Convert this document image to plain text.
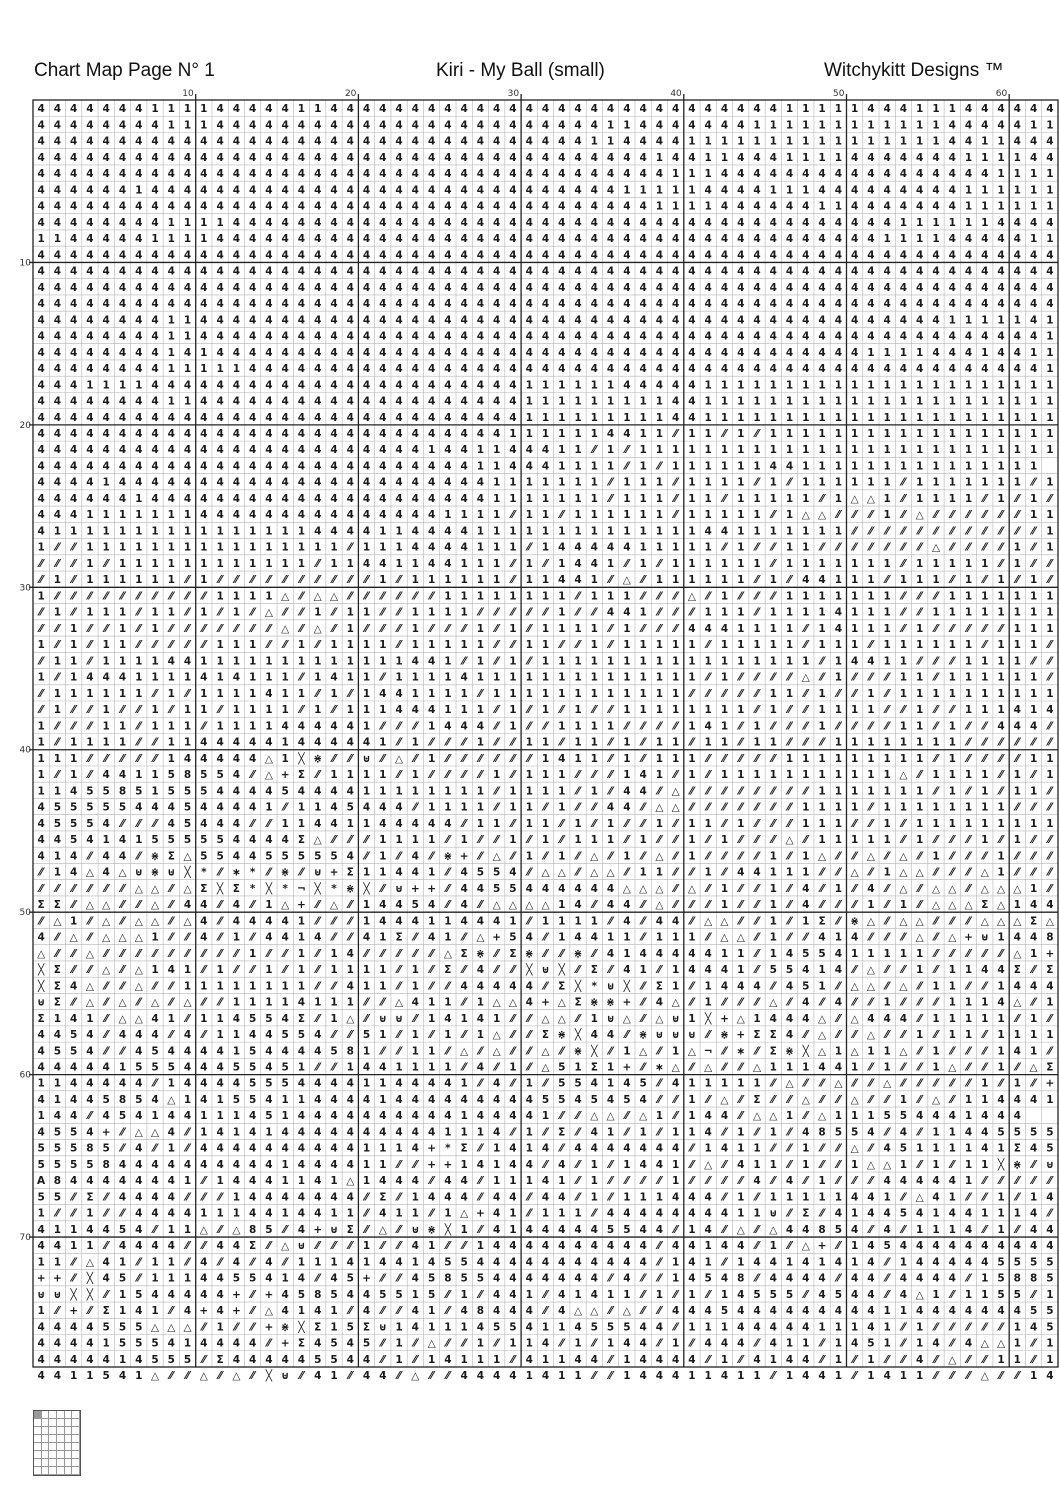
Chart Map Page N° 1	Kiri - My Ball (small)	Witchykitt Designs ™
4 4 4 4 4 4 4 1 1 1 1 4 4 4 4 4 1 1 4 4 4 4 4 4 4 4 4 4 4 4 4 4 4 4 4 4 4 4 4 4 4 4 4 4 4 4 1 1 1 1 1 4 4 4 1 1 1 4 4 4 4 4 4
4 4 4 4 4 4 4 4 1 1 1 4 4 4 4 4 4 4 4 4 4 4 4 4 4 4 4 4 4 4 4 4 4 4 4 1 1 4 4 4 4 4 4 4 1 1 1 1 1 1 1 1 1 1 1 1 4 4 4 4 4 1 1
4 4 4 4 4 4 4 4 4 4 4 4 4 4 4 4 4 4 4 4 4 4 4 4 4 4 4 4 4 4 4 4 4 4 1 1 4 4 4 4 1 1 1 1 1 1 1 1 1 1 1 1 1 1 1 1 4 4 1 1 4 4 4
4 4 4 4 4 4 4 4 4 4 4 4 4 4 4 4 4 4 4 4 4 4 4 4 4 4 4 4 4 4 4 4 4 4 4 4 4 4 1 4 4 1 1 4 4 4 1 1 1 1 4 4 4 4 4 4 4 1 1 1 1 4 4
4 4 4 4 4 4 4 4 4 4 4 4 4 4 4 4 4 4 4 4 4 4 4 4 4 4 4 4 4 4 4 4 4 4 4 4 4 4 4 1 1 1 4 4 4 4 4 4 4 4 4 4 4 4 4 4 4 4 4 1 1 1 1
4 4 4 4 4 4 1 4 4 4 4 4 4 4 4 4 4 4 4 4 4 4 4 4 4 4 4 4 4 4 4 4 4 4 4 4 1 1 1 1 1 4 4 4 4 1 1 1 4 4 4 4 4 4 4 4 4 1 1 1 1 1 1
4 4 4 4 4 4 4 4 4 4 4 4 4 4 4 4 4 4 4 4 4 4 4 4 4 4 4 4 4 4 4 4 4 4 4 4 4 4 1 1 1 1 4 4 4 4 4 4 1 1 4 4 4 4 4 4 4 1 1 1 1 1 1
4 4 4 4 4 4 4 4 1 1 1 1 4 4 4 4 4 4 4 4 4 4 4 4 4 4 4 4 4 4 4 4 4 4 4 4 4 4 4 4 4 4 4 4 4 4 4 4 4 4 4 4 4 1 1 1 1 1 1 4 4 4 4
1 1 4 4 4 4 4 1 1 1 1 4 4 4 4 4 4 4 4 4 4 4 4 4 4 4 4 4 4 4 4 4 4 4 4 4 4 4 4 4 4 4 4 4 4 4 4 4 4 4 4 4 1 1 1 1 4 4 4 4 4 1 1
4 4 4 4 4 4 4 4 4 4 4 4 4 4 4 4 4 4 4 4 4 4 4 4 4 4 4 4 4 4 4 4 4 4 4 4 4 4 4 4 4 4 4 4 4 4 4 4 4 4 4 4 4 4 4 4 4 4 4 4 4 4 4
4 4 4 4 4 4 4 4 4 4 4 4 4 4 4 4 4 4 4 4 4 4 4 4 4 4 4 4 4 4 4 4 4 4 4 4 4 4 4 4 4 4 4 4 4 4 4 4 4 4 4 4 4 4 4 4 4 4 4 4 4 4 4
4 4 4 4 4 4 4 4 4 4 4 4 4 4 4 4 4 4 4 4 4 4 4 4 4 4 4 4 4 4 4 4 4 4 4 4 4 4 4 4 4 4 4 4 4 4 4 4 4 4 4 4 4 4 4 4 4 4 4 4 4 4 4
4 4 4 4 4 4 4 4 4 4 4 4 4 4 4 4 4 4 4 4 4 4 4 4 4 4 4 4 4 4 4 4 4 4 4 4 4 4 4 4 4 4 4 4 4 4 4 4 4 4 4 4 4 4 4 4 4 4 4 4 4 4 4
4 4 4 4 4 4 4 4 1 1 4 4 4 4 4 4 4 4 4 4 4 4 4 4 4 4 4 4 4 4 4 4 4 4 4 4 4 4 4 4 4 4 4 4 4 4 4 4 4 4 4 4 4 4 4 4 1 1 1 1 1 4 1
4 4 4 4 4 4 4 4 1 1 4 4 4 4 4 4 4 4 4 4 4 4 4 4 4 4 4 4 4 4 4 4 4 4 4 4 4 4 4 4 4 4 4 4 4 4 4 4 4 4 4 4 4 4 4 4 4 4 4 4 4 4 1
4 4 4 4 4 4 4 4 1 4 1 4 4 4 4 4 4 4 4 4 4 4 4 4 4 4 4 4 4 4 4 4 4 4 4 4 4 4 4 4 4 4 4 4 4 4 4 4 4 4 4 1 1 1 1 4 4 4 1 4 4 1 1
4 4 4 4 4 4 4 4 1 1 1 1 1 4 4 4 4 4 4 4 4 4 4 4 4 4 4 4 4 4 4 4 4 4 4 4 4 4 4 4 4 4 4 4 4 4 4 4 4 4 4 4 4 4 4 4 4 4 4 4 4 4 1
4 4 4 1 1 1 1 4 4 4 4 4 4 4 4 4 4 4 4 4 4 4 4 4 4 4 4 4 4 4 1 1 1 1 1 1 4 4 4 4 4 1 1 1 1 1 1 1 1 1 1 1 1 1 1 1 1 1 1 1 1 1 1
4 4 4 4 4 4 4 4 1 1 4 4 4 4 4 4 4 4 4 4 4 4 4 4 4 4 4 4 4 4 1 1 1 1 1 1 1 1 1 4 4 1 1 1 1 1 1 1 1 1 1 1 1 1 1 1 1 1 1 1 1 1 1
4 4 4 4 4 4 4 4 4 4 4 4 4 4 4 4 4 4 4 4 4 4 4 4 4 4 4 4 4 4 1 1 1 1 1 1 1 1 1 4 4 1 1 1 1 1 1 1 1 1 1 1 1 1 1 1 1 1 1 1 1 1 1
4 4 4 4 4 4 4 4 4 4 4 4 4 4 4 4 4 4 4 4 4 4 4 4 4 4 4 4 4 1 1 1 1 1 1 4 4 1 1 ⁄⁄ 1 1 ⁄⁄ 1 ⁄⁄ 1 1 1 1 1 1 1 1 1 1 1 1 1 1 1 1 1 1
4 4 4 4 4 4 4 4 4 4 4 4 4 4 4 4 4 4 4 4 4 4 4 4 1 4 4 1 1 4 4 4 1 1 ⁄⁄ 1 ⁄⁄ 1 1 1 1 1 1 1 1 1 1 1 1 1 1 1 1 1 1 1 1 1 1 1 1 1 1
4 4 4 4 4 4 4 4 4 4 4 4 4 4 4 4 4 4 4 4 4 4 4 4 4 4 4 1 1 4 4 4 1 1 1 1 ⁄⁄ 1 ⁄⁄ 1 1 1 1 1 1 4 4 1 1 1 1 1 1 1 1 1 1 1 1 1 1 1
4 4 4 4 1 4 4 4 4 4 4 4 4 4 4 4 4 4 4 4 4 4 4 4 4 4 4 4 1 1 1 1 1 1 1 ⁄⁄ 1 1 1 ⁄⁄ 1 1 1 1 ⁄⁄ 1 ⁄⁄ 1 1 1 1 1 1 ⁄⁄ 1 1 1 1 1 1 1 ⁄⁄ 1
4 4 4 4 4 4 1 4 4 4 4 4 4 4 4 4 4 4 4 4 4 4 4 4 4 4 4 4 1 1 1 1 1 1 1 ⁄⁄ 1 1 1 ⁄⁄ 1 1 ⁄⁄ 1 1 1 1 1 ⁄⁄ 1 △ △ 1 ⁄⁄ 1 1 1 1 ⁄⁄ 1 ⁄⁄ 1 ⁄⁄
4 4 4 1 1 1 1 1 1 1 4 4 4 4 4 4 4 4 4 4 4 4 4 4 4 1 1 1 1 ⁄⁄ 1 1 ⁄⁄ 1 1 1 1 1 1 ⁄⁄ 1 1 1 1 1 ⁄⁄ 1 △ △ ⁄⁄ ⁄⁄ ⁄⁄ 1 ⁄⁄ △ ⁄⁄ ⁄⁄ ⁄⁄ ⁄⁄ ⁄⁄ ⁄⁄ 1 1
4 1 1 1 1 1 1 1 1 1 1 1 1 1 1 1 1 4 4 4 4 1 1 4 4 4 4 1 1 1 1 1 1 1 1 1 1 1 1 1 1 4 4 1 1 1 1 1 1 1 ⁄⁄ ⁄⁄ ⁄⁄ ⁄⁄ ⁄⁄ ⁄⁄ ⁄⁄ ⁄⁄ ⁄⁄ ⁄⁄ ⁄⁄ ⁄⁄ 1
1 ⁄⁄ ⁄⁄ 1 1 1 1 1 1 1 1 1 1 1 1 1 1 1 1 ⁄⁄ 1 1 1 4 4 4 4 1 1 1 ⁄⁄ 1 4 4 4 4 4 1 1 1 1 1 ⁄⁄ 1 ⁄⁄ ⁄⁄ 1 1 ⁄⁄ ⁄⁄ ⁄⁄ ⁄⁄ ⁄⁄ ⁄⁄ ⁄⁄ △ ⁄⁄ ⁄⁄ ⁄⁄ ⁄⁄ 1 ⁄⁄ 1
⁄⁄ ⁄⁄ ⁄⁄ 1 ⁄⁄ 1 1 1 1 1 1 1 1 1 1 1 1 ⁄⁄ 1 1 4 4 1 1 4 4 1 1 1 ⁄⁄ 1 ⁄⁄ 1 4 4 1 ⁄⁄ 1 ⁄⁄ 1 1 1 1 1 1 ⁄⁄ 1 1 1 1 1 1 1 ⁄⁄ 1 1 1 1 1 ⁄⁄ 1 ⁄⁄ ⁄⁄
⁄⁄ 1 ⁄⁄ 1 1 1 1 1 1 ⁄⁄ 1 ⁄⁄ ⁄⁄ ⁄⁄ ⁄⁄ ⁄⁄ ⁄⁄ ⁄⁄ ⁄⁄ ⁄⁄ ⁄⁄ 1 ⁄⁄ 1 1 1 1 1 1 ⁄⁄ 1 1 4 4 1 ⁄⁄ △ ⁄⁄ 1 1 1 1 1 1 ⁄⁄ 1 ⁄⁄ 4 4 1 1 1 ⁄⁄ 1 1 1 ⁄⁄ 1 ⁄⁄ 1 ⁄⁄ 1 ⁄⁄
1 ⁄⁄ ⁄⁄ ⁄⁄ ⁄⁄ ⁄⁄ ⁄⁄ ⁄⁄ ⁄⁄ ⁄⁄ ⁄⁄ 1 1 1 1 △ ⁄⁄ △ △ ⁄⁄ ⁄⁄ ⁄⁄ ⁄⁄ ⁄⁄ ⁄⁄ 1 1 1 1 1 1 1 1 ⁄⁄ 1 1 1 ⁄⁄ ⁄⁄ ⁄⁄ △ ⁄⁄ 1 ⁄⁄ ⁄⁄ ⁄⁄ 1 1 1 1 1 1 1 ⁄⁄ ⁄⁄ ⁄⁄ 1 1 1 1 1 1 1
⁄⁄ 1 ⁄⁄ 1 1 1 ⁄⁄ 1 1 ⁄⁄ 1 ⁄⁄ 1 ⁄⁄ △ ⁄⁄ ⁄⁄ 1 ⁄⁄ 1 1 ⁄⁄ ⁄⁄ 1 1 1 1 ⁄⁄ ⁄⁄ ⁄⁄ ⁄⁄ ⁄⁄ 1 ⁄⁄ ⁄⁄ 4 4 1 ⁄⁄ ⁄⁄ ⁄⁄ 1 1 1 ⁄⁄ 1 1 1 1 4 1 1 1 ⁄⁄ ⁄⁄ 1 1 1 1 1 1 1 1
⁄⁄ ⁄⁄ 1 ⁄⁄ ⁄⁄ 1 ⁄⁄ 1 ⁄⁄ ⁄⁄ ⁄⁄ ⁄⁄ ⁄⁄ ⁄⁄ ⁄⁄ △ ⁄⁄ △ ⁄⁄ 1 ⁄⁄ ⁄⁄ ⁄⁄ 1 ⁄⁄ ⁄⁄ ⁄⁄ 1 ⁄⁄ 1 ⁄⁄ 1 1 1 1 ⁄⁄ 1 ⁄⁄ ⁄⁄ ⁄⁄ 4 4 4 1 1 1 1 ⁄⁄ 1 4 1 1 1 ⁄⁄ 1 ⁄⁄ ⁄⁄ ⁄⁄ ⁄⁄ ⁄⁄ 1 1 1
1 ⁄⁄ 1 ⁄⁄ 1 1 ⁄⁄ ⁄⁄ ⁄⁄ ⁄⁄ ⁄⁄ 1 1 1 ⁄⁄ ⁄⁄ 1 ⁄⁄ 1 1 1 1 ⁄⁄ 1 1 1 1 1 ⁄⁄ ⁄⁄ 1 1 ⁄⁄ ⁄⁄ 1 ⁄⁄ 1 1 1 1 1 ⁄⁄ 1 1 1 1 1 ⁄⁄ 1 1 1 ⁄⁄ 1 1 1 1 1 1 ⁄⁄ 1 1 1 ⁄⁄
⁄⁄ 1 1 ⁄⁄ 1 1 1 1 4 4 1 1 1 1 1 1 1 1 1 1 1 1 1 4 4 1 ⁄⁄ 1 ⁄⁄ 1 ⁄⁄ 1 1 1 1 1 1 1 1 1 1 1 1 1 1 1 1 1 ⁄⁄ 1 4 4 1 1 ⁄⁄ ⁄⁄ ⁄⁄ 1 1 1 1 ⁄⁄ ⁄⁄
1 ⁄⁄ 1 4 4 4 1 1 1 1 4 1 4 1 1 1 ⁄⁄ 1 4 1 1 ⁄⁄ 1 1 1 1 4 1 1 1 1 1 1 1 1 1 1 1 1 1 1 ⁄⁄ 1 ⁄⁄ ⁄⁄ ⁄⁄ ⁄⁄ △ ⁄⁄ 1 ⁄⁄ ⁄⁄ ⁄⁄ 1 1 ⁄⁄ 1 1 1 1 1 1 ⁄⁄
⁄⁄ 1 1 1 1 1 1 ⁄⁄ 1 ⁄⁄ 1 1 1 1 4 1 1 ⁄⁄ 1 ⁄⁄ 1 4 4 1 1 1 1 ⁄⁄ 1 1 1 1 1 1 1 1 1 1 1 1 ⁄⁄ ⁄⁄ ⁄⁄ ⁄⁄ ⁄⁄ 1 1 ⁄⁄ 1 ⁄⁄ ⁄⁄ 1 ⁄⁄ 1 1 1 1 1 1 1 1 1 1
⁄⁄ 1 ⁄⁄ ⁄⁄ 1 ⁄⁄ ⁄⁄ 1 ⁄⁄ 1 1 ⁄⁄ 1 1 1 1 ⁄⁄ 1 ⁄⁄ 1 1 1 4 4 4 1 1 1 ⁄⁄ 1 ⁄⁄ 1 ⁄⁄ 1 ⁄⁄ ⁄⁄ 1 1 1 1 1 1 1 1 ⁄⁄ 1 ⁄⁄ ⁄⁄ 1 1 1 1 ⁄⁄ ⁄⁄ 1 ⁄⁄ ⁄⁄ 1 1 1 4 1 4
1 ⁄⁄ ⁄⁄ ⁄⁄ 1 1 ⁄⁄ 1 1 1 ⁄⁄ 1 1 1 1 4 4 4 4 4 1 ⁄⁄ ⁄⁄ ⁄⁄ 1 4 4 4 ⁄⁄ 1 ⁄⁄ ⁄⁄ 1 1 1 1 ⁄⁄ ⁄⁄ ⁄⁄ ⁄⁄ 1 4 1 ⁄⁄ 1 ⁄⁄ ⁄⁄ ⁄⁄ 1 ⁄⁄ ⁄⁄ ⁄⁄ ⁄⁄ 1 1 ⁄⁄ 1 ⁄⁄ ⁄⁄ 4 4 4 ⁄⁄
1 ⁄⁄ 1 1 1 1 ⁄⁄ ⁄⁄ 1 1 4 4 4 4 4 1 4 4 4 4 4 1 ⁄⁄ 1 ⁄⁄ ⁄⁄ ⁄⁄ 1 ⁄⁄ ⁄⁄ 1 1 ⁄⁄ 1 1 ⁄⁄ 1 ⁄⁄ 1 1 ⁄⁄ 1 1 ⁄⁄ 1 1 ⁄⁄ ⁄⁄ ⁄⁄ 1 1 1 1 1 1 1 1 ⁄⁄ ⁄⁄ ⁄⁄ ⁄⁄ ⁄⁄ ⁄⁄
1 1 1 ⁄⁄ ⁄⁄ ⁄⁄ ⁄⁄ ⁄⁄ 1 4 4 4 4 4 △ 1 ╳ ⋇ ⁄⁄ ⁄⁄ ⊎ ⁄⁄ △ ⁄⁄ 1 ⁄⁄ ⁄⁄ ⁄⁄ ⁄⁄ ⁄⁄ ⁄⁄ 1 4 1 1 ⁄⁄ 1 ⁄⁄ 1 1 1 ⁄⁄ ⁄⁄ ⁄⁄ ⁄⁄ ⁄⁄ 1 1 1 1 1 1 1 1 1 ⁄⁄ 1 ⁄⁄ ⁄⁄ ⁄⁄ ⁄⁄ 1 1
1 ⁄⁄ 1 ⁄⁄ 4 4 1 1 5 8 5 5 4 ⁄⁄ △ + Σ ⁄⁄ 1 1 1 1 ⁄⁄ 1 ⁄⁄ ⁄⁄ ⁄⁄ ⁄⁄ 1 ⁄⁄ 1 1 1 ⁄⁄ ⁄⁄ ⁄⁄ 1 4 1 ⁄⁄ 1 ⁄⁄ 1 1 1 1 1 1 1 1 1 1 1 △ ⁄⁄ 1 1 1 1 ⁄⁄ 1 ⁄⁄ 1
1 1 4 5 5 8 5 1 5 5 5 4 4 4 4 5 4 4 4 4 1 1 1 1 1 1 1 1 ⁄⁄ 1 1 1 1 ⁄⁄ 1 ⁄⁄ 4 4 ⁄⁄ △ ⁄⁄ ⁄⁄ ⁄⁄ ⁄⁄ ⁄⁄ ⁄⁄ ⁄⁄ ⁄⁄ 1 1 1 1 1 1 1 ⁄⁄ 1 ⁄⁄ 1 ⁄⁄ 1 1 ⁄⁄
4 5 5 5 5 5 4 4 4 5 4 4 4 4 1 ⁄⁄ 1 1 4 5 4 4 4 ⁄⁄ 1 1 1 1 ⁄⁄ 1 1 ⁄⁄ 1 ⁄⁄ ⁄⁄ 4 4 ⁄⁄ △ △ ⁄⁄ ⁄⁄ ⁄⁄ ⁄⁄ ⁄⁄ ⁄⁄ ⁄⁄ 1 1 1 1 ⁄⁄ 1 1 1 1 1 1 1 1 ⁄⁄ ⁄⁄ ⁄⁄
4 5 5 5 4 ⁄⁄ ⁄⁄ ⁄⁄ 4 5 4 4 4 ⁄⁄ ⁄⁄ 1 1 4 4 1 1 4 4 4 4 4 ⁄⁄ 1 1 ⁄⁄ 1 1 ⁄⁄ 1 ⁄⁄ 1 ⁄⁄ ⁄⁄ 1 ⁄⁄ 1 1 ⁄⁄ 1 ⁄⁄ ⁄⁄ ⁄⁄ 1 1 1 ⁄⁄ ⁄⁄ 1 ⁄⁄ 1 1 1 1 1 1 1 1 1
4 4 5 4 1 4 1 5 5 5 5 5 4 4 4 4 Σ △ ⁄⁄ ⁄⁄ ⁄⁄ 1 1 1 1 ⁄⁄ 1 ⁄⁄ ⁄⁄ 1 ⁄⁄ 1 ⁄⁄ 1 1 1 ⁄⁄ 1 ⁄⁄ ⁄⁄ 1 ⁄⁄ 1 ⁄⁄ ⁄⁄ ⁄⁄ △ ⁄⁄ 1 1 1 1 1 ⁄⁄ 1 ⁄⁄ ⁄⁄ ⁄⁄ 1 ⁄⁄ 1 ⁄⁄ ⁄⁄
4 1 4 ⁄⁄ 4 4 ⁄⁄ ⋇ Σ △ 5 5 4 4 5 5 5 5 5 4 ⁄⁄ 1 ⁄⁄ 4 ⁄⁄ ⋇ + ⁄⁄ △ ⁄⁄ 1 ⁄⁄ 1 ⁄⁄ △ ⁄⁄ 1 ⁄⁄ △ ⁄⁄ 1 ⁄⁄ ⁄⁄ ⁄⁄ ⁄⁄ 1 ⁄⁄ 1 △ ⁄⁄ ⁄⁄ △ ⁄⁄ △ ⁄⁄ 1 ⁄⁄ ⁄⁄ ⁄⁄ 1 ⁄⁄ ⁄⁄ ⁄⁄
⁄⁄ 1 4 △ 4 △ ⊎ ⋇ ⊎ ╳ * ⁄⁄ ∗ * ⁄⁄ ⋇ ⁄⁄ ⊎ + Σ 1 1 4 4 1 ⁄⁄ 4 5 5 4 ⁄⁄ △ △ ⁄⁄ △ △ ⁄⁄ 1 1 ⁄⁄ ⁄⁄ 1 ⁄⁄ 4 4 1 1 1 ⁄⁄ ⁄⁄ △ ⁄⁄ 1 △ △ ⁄⁄ ⁄⁄ ⁄⁄ △ 1 ⁄⁄ ⁄⁄ ⁄⁄
⁄⁄ ⁄⁄ ⁄⁄ ⁄⁄ ⁄⁄ ⁄⁄ △ △ ⁄⁄ △ Σ ╳ Σ * ╳ * ¬ ╳ * ⋇ ╳ ⁄⁄ ⊎ + + ⁄⁄ 4 4 5 5 4 4 4 4 4 4 △ △ △ ⁄⁄ △ ⁄⁄ 1 ⁄⁄ ⁄⁄ 1 ⁄⁄ 4 ⁄⁄ 1 ⁄⁄ 4 ⁄⁄ △ ⁄⁄ △ △ ⁄⁄ △ △ △ 1 ⁄⁄
Σ Σ ⁄⁄ △ △ ⁄⁄ ⁄⁄ △ ⁄⁄ 4 4 ⁄⁄ 4 ⁄⁄ 1 △ + ⁄⁄ △ ⁄⁄ 1 4 4 5 4 ⁄⁄ 4 ⁄⁄ △ △ △ △ 1 4 ⁄⁄ 4 4 ⁄⁄ △ ⁄⁄ ⁄⁄ ⁄⁄ 1 ⁄⁄ ⁄⁄ 1 ⁄⁄ 4 ⁄⁄ ⁄⁄ ⁄⁄ 1 ⁄⁄ 1 ⁄⁄ △ △ △ Σ △ 1 4 4
⁄⁄ △ 1 ⁄⁄ △ ⁄⁄ △ △ ⁄⁄ △ 4 ⁄⁄ 4 4 4 4 1 ⁄⁄ ⁄⁄ ⁄⁄ 1 4 4 4 1 1 4 4 4 1 ⁄⁄ 1 1 1 1 ⁄⁄ 4 ⁄⁄ 4 4 ⁄⁄ △ △ ⁄⁄ ⁄⁄ 1 ⁄⁄ 1 Σ ⁄⁄ ⋇ △ ⁄⁄ △ △ ⁄⁄ ⁄⁄ ⁄⁄ △ △ △ Σ △
4 ⁄⁄ △ ⁄⁄ △ △ △ 1 ⁄⁄ ⁄⁄ 4 ⁄⁄ 1 ⁄⁄ 4 4 1 4 ⁄⁄ ⁄⁄ 4 1 Σ ⁄⁄ 4 1 ⁄⁄ △ + 5 4 ⁄⁄ 1 4 4 1 1 ⁄⁄ 1 1 1 ⁄⁄ △ △ ⁄⁄ 1 ⁄⁄ ⁄⁄ 4 1 4 ⁄⁄ ⁄⁄ ⁄⁄ △ ⁄⁄ △ + ⊎ 1 4 4 8
△ ⁄⁄ ⁄⁄ △ ⁄⁄ ⁄⁄ ⁄⁄ ⁄⁄ ⁄⁄ ⁄⁄ ⁄⁄ ⁄⁄ ⁄⁄ 1 ⁄⁄ ⁄⁄ 1 ⁄⁄ 1 4 ⁄⁄ ⁄⁄ ⁄⁄ ⁄⁄ ⁄⁄ △ Σ ⋇ ⁄⁄ Σ ⋇ ⁄⁄ ⁄⁄ ⋇ ⁄⁄ 4 1 4 4 4 4 4 1 1 ⁄⁄ 1 4 5 5 4 1 1 1 1 1 ⁄⁄ ⁄⁄ ⁄⁄ ⁄⁄ ⁄⁄ △ 1 +
╳ Σ ⁄⁄ ⁄⁄ △ ⁄⁄ △ 1 4 1 ⁄⁄ 1 ⁄⁄ ⁄⁄ 1 ⁄⁄ 1 ⁄⁄ 1 1 1 1 ⁄⁄ 1 ⁄⁄ Σ ⁄⁄ 4 ⁄⁄ ⁄⁄ ╳ ⊎ ╳ ⁄⁄ Σ ⁄⁄ 4 1 ⁄⁄ 1 4 4 4 1 ⁄⁄ 5 5 4 1 4 ⁄⁄ △ ⁄⁄ ⁄⁄ 1 ⁄⁄ 1 1 4 4 Σ ⁄⁄ Σ
╳ Σ 4 △ ⁄⁄ ⁄⁄ △ ⁄⁄ ⁄⁄ 1 1 1 1 1 1 1 1 ⁄⁄ ⁄⁄ 4 1 1 ⁄⁄ 1 ⁄⁄ ⁄⁄ 4 4 4 4 4 ⁄⁄ Σ ╳ * ⊎ ╳ ⁄⁄ Σ 1 ⁄⁄ 1 4 4 4 ⁄⁄ 4 5 1 ⁄⁄ △ △ ⁄⁄ △ ⁄⁄ 1 1 ⁄⁄ ⁄⁄ 1 4 4 4
⊎ Σ ⁄⁄ △ ⁄⁄ △ ⁄⁄ △ ⁄⁄ △ ⁄⁄ ⁄⁄ 1 1 1 1 4 1 1 1 ⁄⁄ ⁄⁄ △ 4 1 1 ⁄⁄ 1 △ △ 4 + △ Σ ⋇ ⋇ + ⁄⁄ 4 △ ⁄⁄ 1 ⁄⁄ ⁄⁄ ⁄⁄ △ ⁄⁄ 4 ⁄⁄ 4 ⁄⁄ ⁄⁄ 1 ⁄⁄ ⁄⁄ ⁄⁄ 1 1 1 4 △ ⁄⁄ 1
Σ 1 4 1 ⁄⁄ △ △ 4 1 ⁄⁄ 1 1 4 5 5 4 Σ ⁄⁄ 1 △ ⁄⁄ ⊎ ⊎ ⁄⁄ 1 4 1 4 1 ⁄⁄ ⁄⁄ △ △ ⁄⁄ 1 ⊎ △ ⁄⁄ △ ⊎ 1 ╳ + △ 1 4 4 4 △ ⁄⁄ △ 4 4 4 ⁄⁄ 1 1 1 1 1 ⁄⁄ 1 ⁄⁄
4 4 5 4 ⁄⁄ 4 4 4 ⁄⁄ 4 ⁄⁄ 1 1 4 4 5 5 4 ⁄⁄ ⁄⁄ 5 1 ⁄⁄ 1 ⁄⁄ 1 ⁄⁄ 1 △ ⁄⁄ ⁄⁄ Σ ⋇ ╳ 4 4 ⁄⁄ ⋇ ⊎ ⊎ ⊎ ⁄⁄ ⋇ + Σ Σ 4 ⁄⁄ △ ⁄⁄ ⁄⁄ △ ⁄⁄ ⁄⁄ 1 ⁄⁄ 1 1 ⁄⁄ 1 1 1 1
4 5 5 4 ⁄⁄ ⁄⁄ 4 5 4 4 4 4 1 5 4 4 4 4 5 8 1 ⁄⁄ ⁄⁄ 1 1 ⁄⁄ △ ⁄⁄ △ ⁄⁄ ⁄⁄ △ ⁄⁄ ⋇ ╳ ⁄⁄ 1 △ ⁄⁄ 1 △ ¬ ⁄⁄ ∗ ⁄⁄ Σ ⋇ ╳ △ 1 △ 1 1 △ ⁄⁄ 1 ⁄⁄ ⁄⁄ ⁄⁄ 1 4 1 ⁄⁄
4 4 4 4 4 1 5 5 5 4 4 4 5 5 4 5 1 ⁄⁄ ⁄⁄ 1 4 4 1 1 1 1 ⁄⁄ 4 ⁄⁄ 1 ⁄⁄ △ 5 1 Σ 1 + ⁄⁄ ∗ △ ⁄⁄ △ ⁄⁄ ⁄⁄ △ 1 1 1 4 4 1 ⁄⁄ 1 ⁄⁄ ⁄⁄ 1 △ ⁄⁄ ⁄⁄ 1 ⁄⁄ △ Σ
1 1 4 4 4 4 4 ⁄⁄ 1 4 4 4 4 5 5 5 4 4 4 4 1 1 4 4 4 4 1 ⁄⁄ 4 ⁄⁄ 1 ⁄⁄ 5 5 4 1 4 5 ⁄⁄ 4 1 1 1 1 1 ⁄⁄ △ ⁄⁄ ⁄⁄ △ ⁄⁄ ⁄⁄ △ ⁄⁄ ⁄⁄ ⁄⁄ ⁄⁄ ⁄⁄ 1 ⁄⁄ 1 ⁄⁄ +
4 1 4 4 5 8 5 4 △ 1 4 1 5 5 4 1 1 4 4 4 4 1 4 4 4 4 4 4 4 4 4 5 5 4 5 4 5 4 ⁄⁄ ⁄⁄ 1 ⁄⁄ △ ⁄⁄ Σ ⁄⁄ ⁄⁄ △ ⁄⁄ ⁄⁄ △ ⁄⁄ ⁄⁄ 1 ⁄⁄ △ ⁄⁄ 1 1 4 4 4 1
1 4 4 ⁄⁄ 4 5 4 1 4 4 1 1 1 4 5 1 4 4 4 4 4 4 4 4 4 4 1 4 4 4 4 1 ⁄⁄ ⁄⁄ △ △ ⁄⁄ △ 1 ⁄⁄ 1 4 4 ⁄⁄ △ △ 1 ⁄⁄ △ 1 1 1 5 5 4 4 4 1 4 4 4
4 5 5 4 + ⁄⁄ △ △ 4 ⁄⁄ 1 4 1 4 1 4 4 4 4 4 4 4 4 4 4 1 1 1 4 ⁄⁄ 1 ⁄⁄ Σ ⁄⁄ 4 1 ⁄⁄ 1 ⁄⁄ 1 1 4 ⁄⁄ 1 ⁄⁄ 1 ⁄⁄ 4 8 5 5 4 ⁄⁄ 4 ⁄⁄ 1 1 4 4 5 5 5 5
5 5 5 8 5 ⁄⁄ 4 ⁄⁄ 1 ⁄⁄ 4 4 4 4 4 4 4 4 4 4 1 1 1 4 + * Σ ⁄⁄ 1 4 1 4 ⁄⁄ 4 4 4 4 4 4 4 ⁄⁄ 1 4 1 1 ⁄⁄ ⁄⁄ 1 ⁄⁄ ⁄⁄ △ ⁄⁄ 4 5 1 1 1 1 4 1 Σ 4 5
5 5 5 5 8 4 4 4 4 4 4 4 4 4 4 1 4 4 4 4 1 1 ⁄⁄ ⁄⁄ + + 1 4 1 4 4 ⁄⁄ 4 ⁄⁄ 1 ⁄⁄ 1 4 4 1 ⁄⁄ △ ⁄⁄ 4 1 1 ⁄⁄ 1 ⁄⁄ ⁄⁄ 1 △ △ 1 ⁄⁄ 1 ⁄⁄ 1 1 ╳ ⋇ ⁄⁄ ⊎
A 8 4 4 4 4 4 4 4 1 ⁄⁄ 1 4 4 4 1 1 4 1 △ 1 4 4 4 ⁄⁄ 4 4 ⁄⁄ 1 1 1 4 1 ⁄⁄ 1 ⁄⁄ ⁄⁄ ⁄⁄ ⁄⁄ 1 ⁄⁄ ⁄⁄ ⁄⁄ ⁄⁄ 4 ⁄⁄ 4 ⁄⁄ 1 ⁄⁄ ⁄⁄ ⁄⁄ 4 4 4 4 4 1 ⁄⁄ ⁄⁄ ⁄⁄ ⁄⁄ ⁄⁄
5 5 ⁄⁄ Σ ⁄⁄ 4 4 4 4 ⁄⁄ ⁄⁄ ⁄⁄ 1 4 4 4 4 4 4 4 ⁄⁄ Σ ⁄⁄ 1 4 4 4 ⁄⁄ 4 4 ⁄⁄ 4 4 ⁄⁄ 1 ⁄⁄ 1 1 1 4 4 4 ⁄⁄ 1 ⁄⁄ 1 1 1 1 1 4 4 1 ⁄⁄ △ 4 1 ⁄⁄ ⁄⁄ 1 ⁄⁄ 1 4
1 ⁄⁄ ⁄⁄ 1 ⁄⁄ ⁄⁄ 4 4 4 4 1 1 1 4 4 1 4 4 1 1 ⁄⁄ 4 1 1 ⁄⁄ 1 △ + 4 1 ⁄⁄ 1 1 1 ⁄⁄ 4 4 4 4 4 4 4 4 1 1 ⊎ ⁄⁄ Σ ⁄⁄ 4 1 4 4 5 4 1 4 4 1 1 1 4 ⁄⁄
4 1 1 4 4 5 4 ⁄⁄ 1 1 △ ⁄⁄ △ 8 5 ⁄⁄ 4 + ⊎ Σ ⁄⁄ △ ⁄⁄ ⊎ ⋇ ╳ 1 ⁄⁄ 4 1 4 4 4 4 4 5 5 4 4 ⁄⁄ 1 4 ⁄⁄ △ ⁄⁄ △ 4 4 8 5 4 ⁄⁄ 4 ⁄⁄ 1 1 1 4 ⁄⁄ 1 ⁄⁄ 4 4
4 4 1 1 ⁄⁄ 4 4 4 4 ⁄⁄ ⁄⁄ 4 4 Σ ⁄⁄ △ ⊎ ⁄⁄ ⁄⁄ ⁄⁄ 1 ⁄⁄ ⁄⁄ 4 1 ⁄⁄ ⁄⁄ 1 4 4 4 4 4 4 4 4 4 4 ⁄⁄ 4 4 1 4 4 ⁄⁄ 1 ⁄⁄ △ + ⁄⁄ 1 4 5 4 4 4 4 4 4 4 4 4 4
1 1 ⁄⁄ △ 4 1 ⁄⁄ 1 1 ⁄⁄ 4 ⁄⁄ 4 ⁄⁄ 4 ⁄⁄ 1 1 1 4 1 4 4 1 4 5 5 4 4 4 4 4 4 4 4 4 4 4 ⁄⁄ 1 4 1 ⁄⁄ 1 4 4 1 4 1 4 1 4 ⁄⁄ 1 4 4 4 4 4 5 5 5 5
+ + ⁄⁄ ╳ 4 5 ⁄⁄ 1 1 1 4 4 5 5 4 1 4 ⁄⁄ 4 5 + ⁄⁄ ⁄⁄ 4 5 8 5 5 4 4 4 4 4 4 4 ⁄⁄ 4 ⁄⁄ ⁄⁄ 1 4 5 4 8 ⁄⁄ 4 4 4 4 ⁄⁄ 4 4 ⁄⁄ 4 4 4 4 ⁄⁄ 1 5 8 8 5
⊎ ⊎ ╳ ╳ ⁄⁄ 1 5 4 4 4 4 4 + ⁄⁄ + 4 5 8 5 4 4 5 5 1 5 ⁄⁄ 1 ⁄⁄ 4 4 1 ⁄⁄ 4 1 4 1 1 ⁄⁄ 1 ⁄⁄ 1 ⁄⁄ 1 4 5 5 5 ⁄⁄ 4 5 4 4 ⁄⁄ 4 △ 1 ⁄⁄ 1 1 5 5 ⁄⁄ 1
1 ⁄⁄ + ⁄⁄ Σ 1 4 1 ⁄⁄ 4 + 4 + ⁄⁄ △ 4 1 4 1 ⁄⁄ 4 ⁄⁄ ⁄⁄ 4 1 ⁄⁄ 4 8 4 4 4 ⁄⁄ 4 △ △ ⁄⁄ △ ⁄⁄ ⁄⁄ 4 4 4 5 4 4 4 4 4 4 4 4 4 1 1 4 4 4 4 4 4 4 5 5
4 4 4 4 5 5 5 △ △ △ ⁄⁄ 1 ⁄⁄ ⁄⁄ + ⋇ ╳ Σ 1 5 Σ ⊎ 1 4 1 1 1 4 5 5 4 1 1 4 5 5 5 4 4 ⁄⁄ 1 1 1 4 4 4 4 4 1 1 1 4 1 ⁄⁄ 1 ⁄⁄ ⁄⁄ ⁄⁄ ⁄⁄ ⁄⁄ 1 4 5
4 4 4 4 1 5 5 5 4 1 4 4 4 4 ⁄⁄ + Σ 4 5 4 5 ⁄⁄ 1 ⁄⁄ △ ⁄⁄ ⁄⁄ 1 ⁄⁄ 1 1 4 ⁄⁄ 1 ⁄⁄ 1 4 4 ⁄⁄ 1 ⁄⁄ 4 4 4 ⁄⁄ 4 1 1 ⁄⁄ 1 4 5 1 ⁄⁄ 1 4 ⁄⁄ 4 △ △ 1 ⁄⁄ 1
4 4 4 4 4 1 4 5 5 5 ⁄⁄ Σ 4 4 4 4 4 5 5 4 4 ⁄⁄ 1 ⁄⁄ 1 4 1 1 1 ⁄⁄ 4 1 1 4 4 ⁄⁄ 1 4 4 4 4 ⁄⁄ 1 ⁄⁄ 4 1 4 4 ⁄⁄ 1 ⁄⁄ 1 ⁄⁄ ⁄⁄ 4 ⁄⁄ △ ⁄⁄ ⁄⁄ 1 1 ⁄⁄ 1
4 4 1 1 5 4 1 △ ⁄⁄ ⁄⁄ △ ⁄⁄ △ ⁄⁄ ╳ ⊎ ⁄⁄ 4 1 ⁄⁄ 4 4 ⁄⁄ △ ⁄⁄ ⁄⁄ 4 4 4 4 1 4 1 1 ⁄⁄ ⁄⁄ 1 4 4 4 1 1 4 1 1 ⁄⁄ 1 4 4 1 ⁄⁄ 1 4 1 1 ⁄⁄ ⁄⁄ ⁄⁄ △ ⁄⁄ ⁄⁄ 1 4
10	20	30	40	50	60
10
20
30
40
50
60
70
